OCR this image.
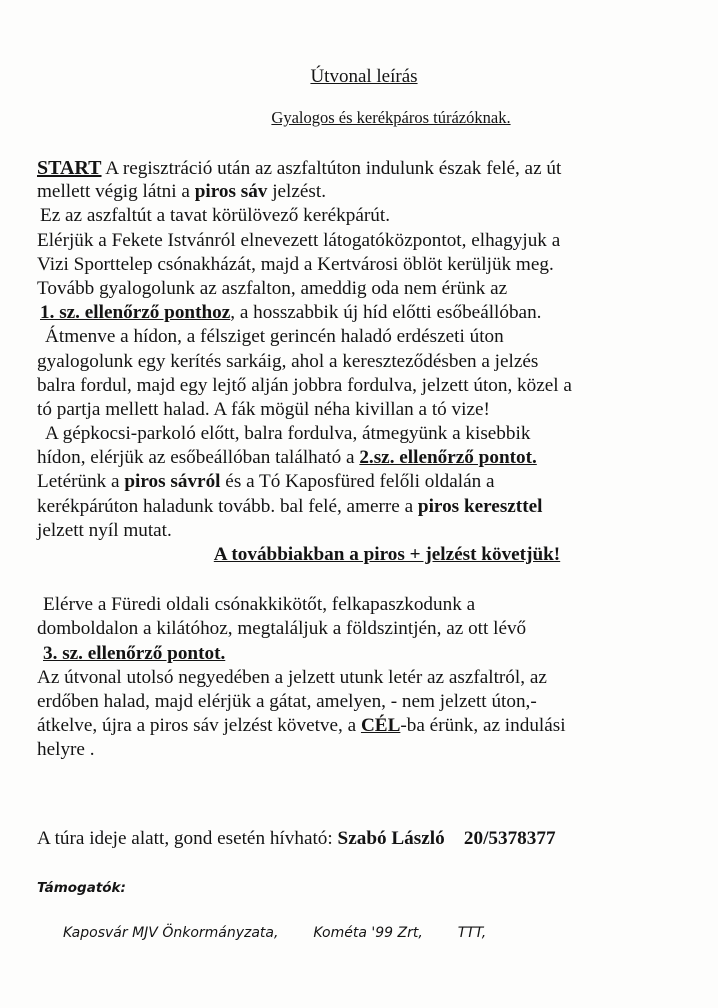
Útvonal leírás
Gyalogos és kerékpáros túrázóknak.
START A regisztráció után az aszfaltúton indulunk észak felé, az út
mellett végig látni a piros sáv jelzést.
Ez az aszfaltút a tavat körülövező kerékpárút.
Elérjük a Fekete Istvánról elnevezett látogatóközpontot, elhagyjuk a
Vizi Sporttelep csónakházát, majd a Kertvárosi öblöt kerüljük meg.
Tovább gyalogolunk az aszfalton, ameddig oda nem érünk az
1. sz. ellenőrző ponthoz, a hosszabbik új híd előtti esőbeállóban.
Átmenve a hídon, a félsziget gerincén haladó erdészeti úton
gyalogolunk egy kerítés sarkáig, ahol a kereszteződésben a jelzés
balra fordul, majd egy lejtő alján jobbra fordulva, jelzett úton, közel a
tó partja mellett halad. A fák mögül néha kivillan a tó vize!
A gépkocsi-parkoló előtt, balra fordulva, átmegyünk a kisebbik
hídon, elérjük az esőbeállóban található a 2.sz. ellenőrző pontot.
Letérünk a piros sávról és a Tó Kaposfüred felőli oldalán a
kerékpárúton haladunk tovább. bal felé, amerre a piros kereszttel
jelzett nyíl mutat.
A továbbiakban a piros + jelzést követjük!
Elérve a Füredi oldali csónakkikötőt, felkapaszkodunk a
domboldalon a kilátóhoz, megtaláljuk a földszintjén, az ott lévő
3. sz. ellenőrző pontot.
Az útvonal utolsó negyedében a jelzett utunk letér az aszfaltról, az
erdőben halad, majd elérjük a gátat, amelyen, - nem jelzett úton,-
átkelve, újra a piros sáv jelzést követve, a CÉL-ba érünk, az indulási
helyre .
A túra ideje alatt, gond esetén hívható: Szabó László 20/5378377
Támogatók:
Kaposvár MJV Önkormányzata, Kométa '99 Zrt, TTT,
